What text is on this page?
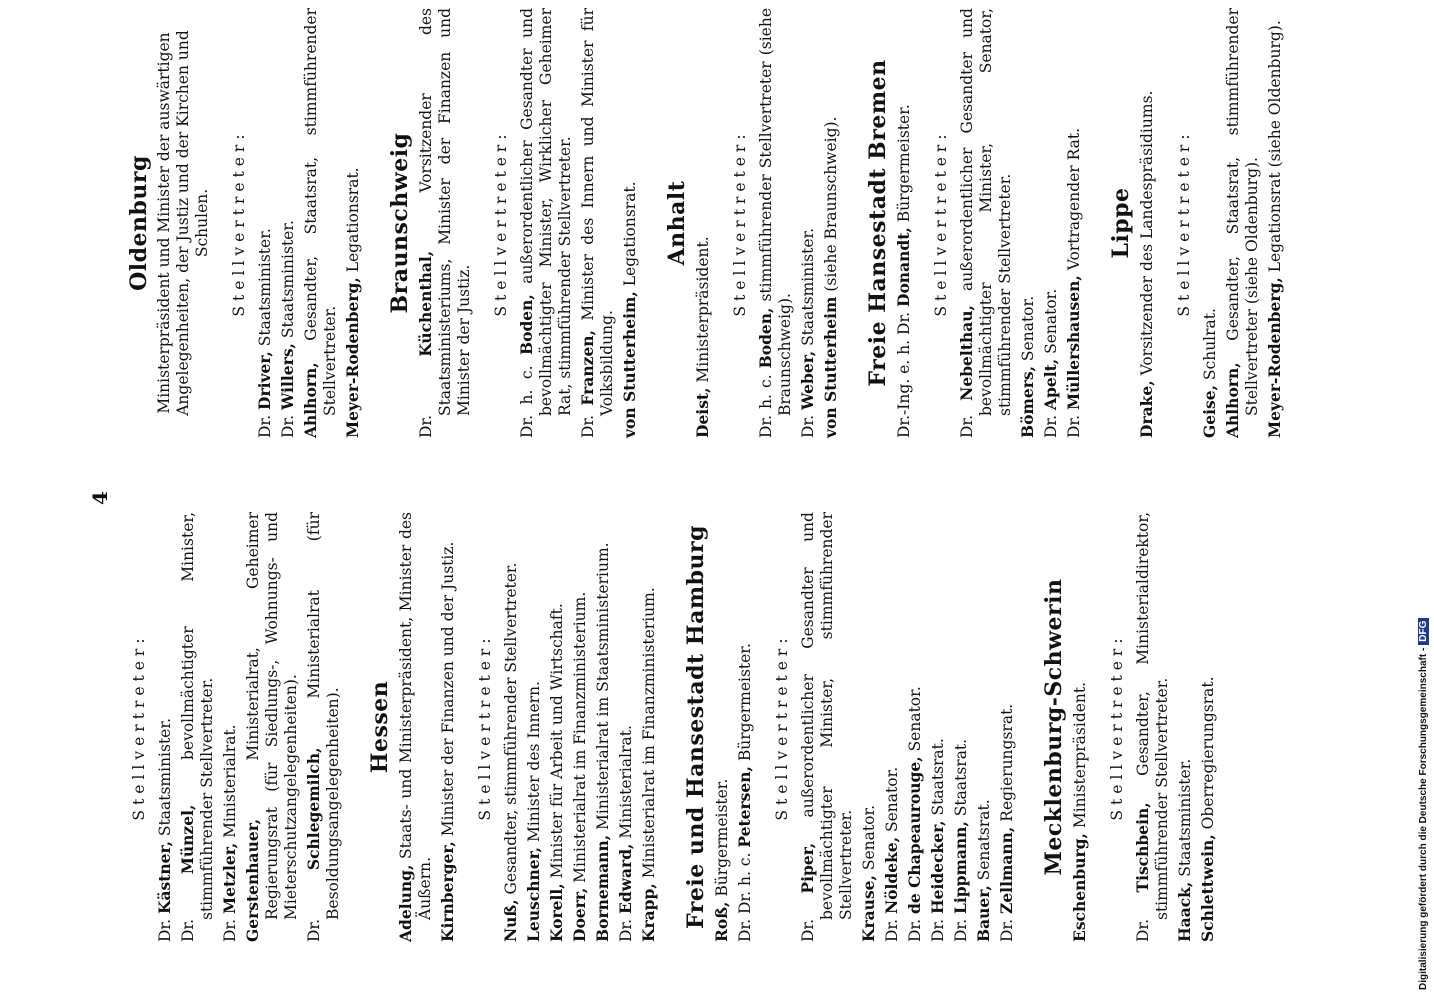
4
Stellvertreter:
Dr. Kästner, Staatsminister.
Dr. Münzel, bevollmächtigter Minister, stimmführender Stellvertreter.
Dr. Metzler, Ministerialrat.
Gerstenhauer, Ministerialrat, Geheimer Regierungsrat (für Siedlungs-, Wohnungs- und Mieterschutzangelegenheiten). Dr. Schlegemilch, Ministerialrat (für Besoldungsangelegenheiten). Hessen
Adelung, Staats- und Ministerpräsident, Minister des Äußern. Kirnberger, Minister der Finanzen und der Justiz. Stellvertreter:
Nuß, Gesandter, stimmführender Stellvertreter. Leuschner, Minister des Innern.
Korell, Minister für Arbeit und Wirtschaft.
Doerr, Ministerialrat im Finanzministerium.
Bornemann, Ministerialrat im Staatsministerium.
Dr. Edward, Ministerialrat.
Krapp, Ministerialrat im Finanzministerium. Freie und Hansestadt Hamburg Roß, Bürgermeister. Dr. Dr. h. c. Petersen, Bürgermeister. Stellvertreter:
Dr. Piper, außerordentlicher Gesandter und bevollmächtigter Minister, stimmführender Stellvertreter. Krause, Senator.
Dr. Nöldeke, Senator.
Dr. de Chapeaurouge, Senator.
Dr. Heidecker, Staatsrat.
Dr. Lippmann, Staatsrat.
Bauer, Senatsrat.
Dr. Zellmann, Regierungsrat. Mecklenburg-Schwerin
Eschenburg, Ministerpräsident. Stellvertreter:
Dr. Tischbein, Gesandter, Ministerialdirektor, stimmführender Stellvertreter. Haack, Staatsminister.
Schlettwein, Oberregierungsrat.
Oldenburg Ministerpräsident und Minister der auswärtigen Angelegenheiten, der Justiz und der Kirchen und Schulen. Stellvertreter:
Dr. Driver, Staatsminister.
Dr. Willers, Staatsminister.
Ahlhorn, Gesandter, Staatsrat, stimmführender Stellvertreter. Meyer-Rodenberg, Legationsrat. Braunschweig
Dr. Küchenthal, Vorsitzender des Staatsministeriums, Minister der Finanzen und Minister der Justiz.
Stellvertreter:
Dr. h. c. Boden, außerordentlicher Gesandter und bevollmächtigter Minister, Wirklicher Geheimer Rat, stimmführender Stellvertreter.
Dr. Franzen, Minister des Innern und Minister für Volksbildung. von Stutterheim, Legationsrat. Anhalt
Deist, Ministerpräsident. Stellvertreter:
Dr. h. c. Boden, stimmführender Stellvertreter (siehe Braunschweig).
Dr. Weber, Staatsminister.
von Stutterheim (siehe Braunschweig). Freie Hansestadt Bremen Dr.-Ing. e. h. Dr. Donandt, Bürgermeister. Stellvertreter:
Dr. Nebelthau, außerordentlicher Gesandter und bevollmächtigter Minister, Senator, stimmführender Stellvertreter. Bömers, Senator.
Dr. Apelt, Senator.
Dr. Müllershausen, Vortragender Rat. Lippe
Drake, Vorsitzender des Landespräsidiums. Stellvertreter:
Geise, Schulrat.
Ahlhorn, Gesandter, Staatsrat, stimmführender Stellvertreter (siehe Oldenburg). Meyer-Rodenberg, Legationsrat (siehe Oldenburg).
Digitalisierung gefördert durch die Deutsche Forschungsgemeinschaft -DFG
